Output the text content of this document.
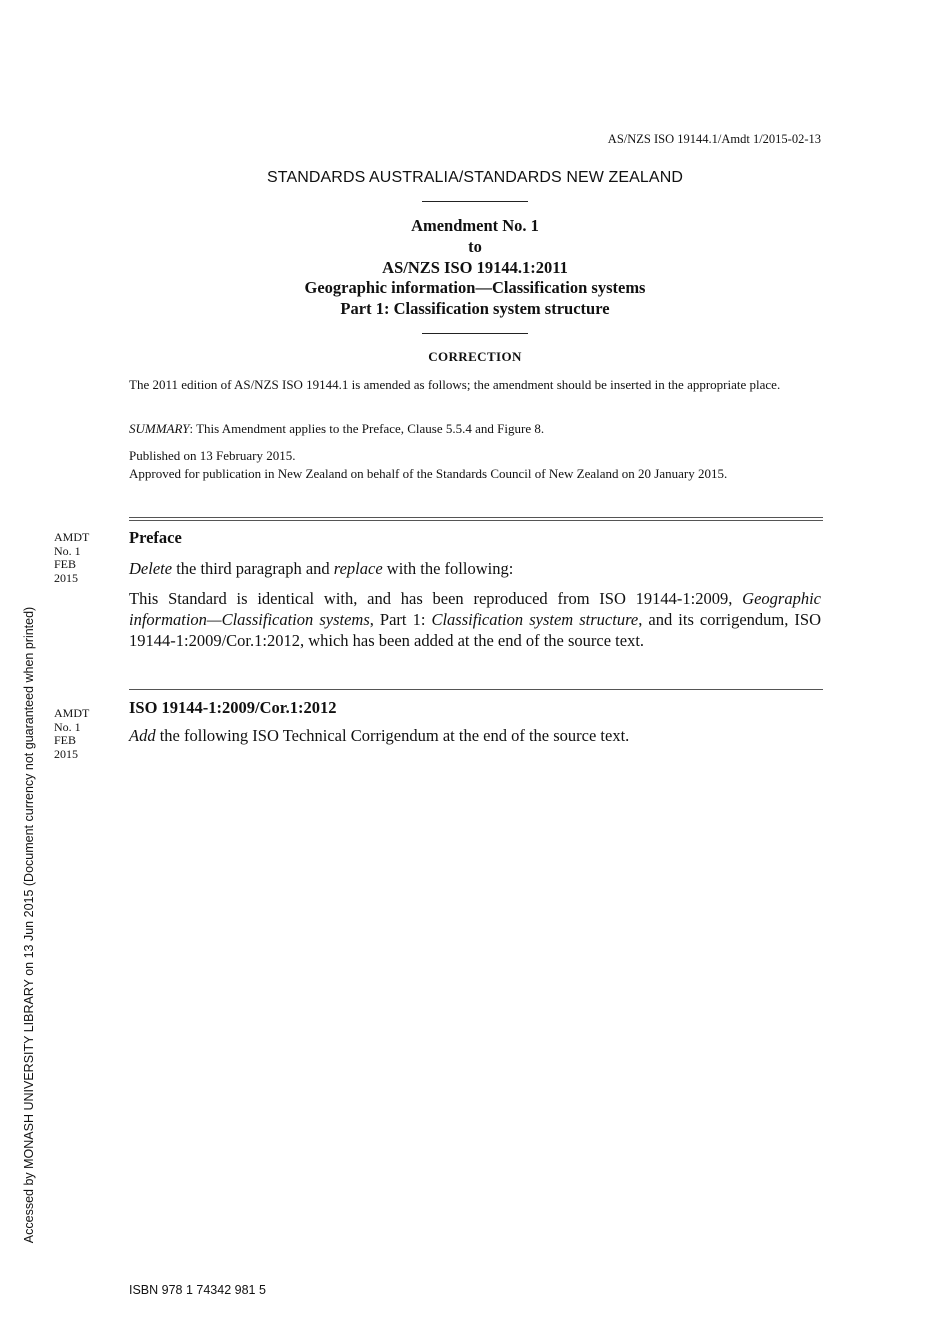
AS/NZS ISO 19144.1/Amdt 1/2015-02-13
STANDARDS AUSTRALIA/STANDARDS NEW ZEALAND
Amendment No. 1
to
AS/NZS ISO 19144.1:2011
Geographic information—Classification systems
Part 1: Classification system structure
CORRECTION
The 2011 edition of AS/NZS ISO 19144.1 is amended as follows; the amendment should be inserted in the appropriate place.
SUMMARY: This Amendment applies to the Preface, Clause 5.5.4 and Figure 8.
Published on 13 February 2015.
Approved for publication in New Zealand on behalf of the Standards Council of New Zealand on 20 January 2015.
AMDT
No. 1
FEB
2015
Preface
Delete the third paragraph and replace with the following:
This Standard is identical with, and has been reproduced from ISO 19144-1:2009, Geographic information—Classification systems, Part 1: Classification system structure, and its corrigendum, ISO 19144-1:2009/Cor.1:2012, which has been added at the end of the source text.
AMDT
No. 1
FEB
2015
ISO 19144-1:2009/Cor.1:2012
Add the following ISO Technical Corrigendum at the end of the source text.
Accessed by MONASH UNIVERSITY LIBRARY on 13 Jun 2015 (Document currency not guaranteed when printed)
ISBN 978 1 74342 981 5
